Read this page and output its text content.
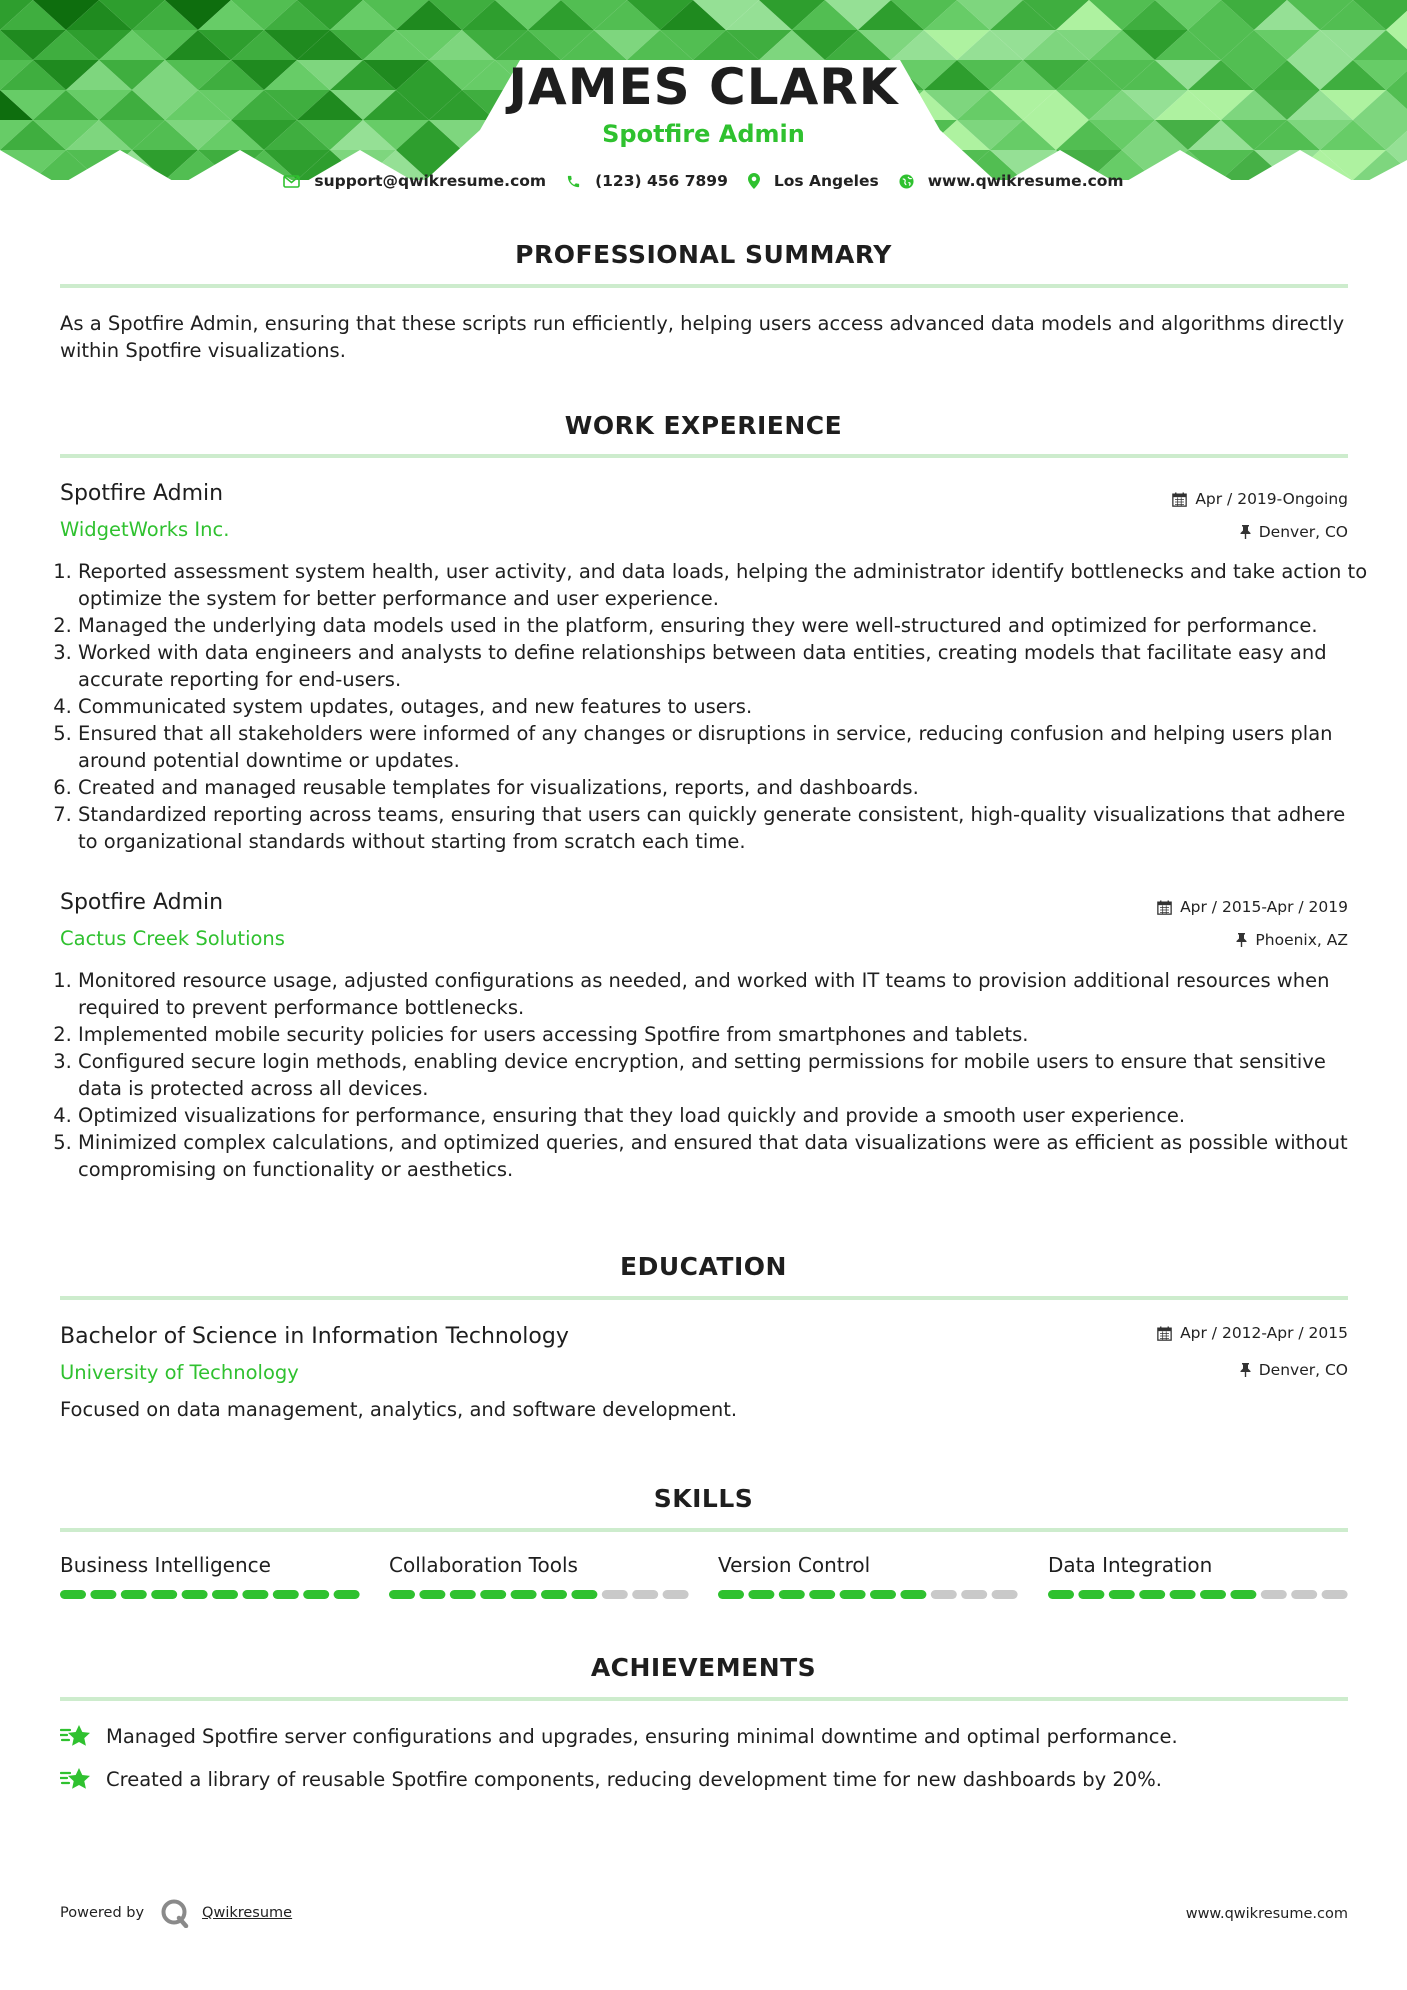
JAMES CLARK
Spotfire Admin
support@qwikresume.com	(123) 456 7899	Los Angeles	www.qwikresume.com
PROFESSIONAL SUMMARY
As a Spotfire Admin, ensuring that these scripts run efficiently, helping users access advanced data models and algorithms directly within Spotfire visualizations.
WORK EXPERIENCE
Spotfire Admin	Apr / 2019-Ongoing
WidgetWorks Inc.	Denver, CO
1. Reported assessment system health, user activity, and data loads, helping the administrator identify bottlenecks and take action to optimize the system for better performance and user experience.
2. Managed the underlying data models used in the platform, ensuring they were well-structured and optimized for performance.
3. Worked with data engineers and analysts to define relationships between data entities, creating models that facilitate easy and accurate reporting for end-users.
4. Communicated system updates, outages, and new features to users.
5. Ensured that all stakeholders were informed of any changes or disruptions in service, reducing confusion and helping users plan around potential downtime or updates.
6. Created and managed reusable templates for visualizations, reports, and dashboards.
7. Standardized reporting across teams, ensuring that users can quickly generate consistent, high-quality visualizations that adhere to organizational standards without starting from scratch each time.
Spotfire Admin	Apr / 2015-Apr / 2019
Cactus Creek Solutions	Phoenix, AZ
1. Monitored resource usage, adjusted configurations as needed, and worked with IT teams to provision additional resources when required to prevent performance bottlenecks.
2. Implemented mobile security policies for users accessing Spotfire from smartphones and tablets.
3. Configured secure login methods, enabling device encryption, and setting permissions for mobile users to ensure that sensitive data is protected across all devices.
4. Optimized visualizations for performance, ensuring that they load quickly and provide a smooth user experience.
5. Minimized complex calculations, and optimized queries, and ensured that data visualizations were as efficient as possible without compromising on functionality or aesthetics.
EDUCATION
Bachelor of Science in Information Technology	Apr / 2012-Apr / 2015
University of Technology	Denver, CO
Focused on data management, analytics, and software development.
SKILLS
Business Intelligence	Collaboration Tools	Version Control	Data Integration
ACHIEVEMENTS
Managed Spotfire server configurations and upgrades, ensuring minimal downtime and optimal performance.
Created a library of reusable Spotfire components, reducing development time for new dashboards by 20%.
Powered by	Qwikresume	www.qwikresume.com
